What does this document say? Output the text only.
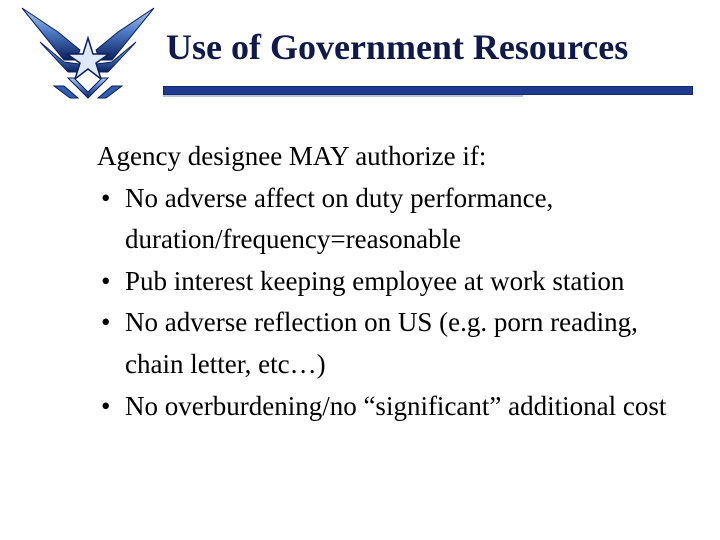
Use of Government Resources

Agency designee MAY authorize if:

• No adverse affect on duty performance, duration/frequency=reasonable
• Pub interest keeping employee at work station
• No adverse reflection on US (e.g. porn reading, chain letter, etc…)
• No overburdening/no “significant” additional cost
